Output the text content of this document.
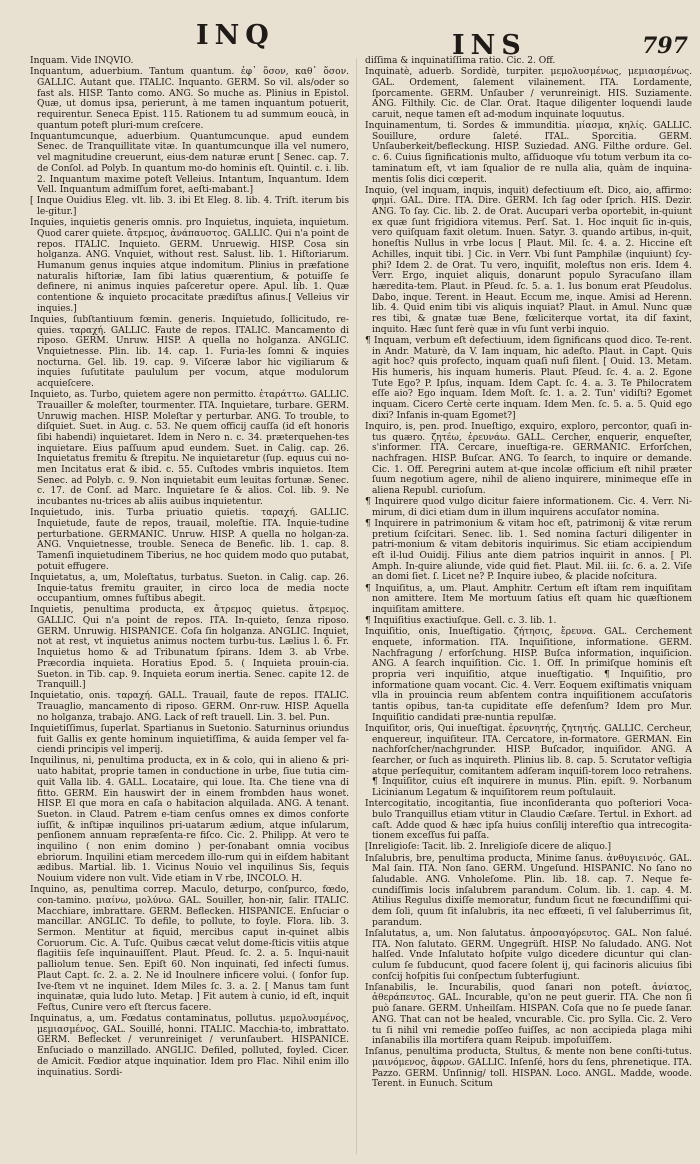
INQ	INS	797

Inquam. Vide INQVIO.

Inquantum, aduerbium. Tantum quantum. ἐφ᾽ ὅσον, καθ᾽ ὅσον. GALLIC. Autant que. ITALIC. Inquanto. GERM. So vil. als/oder so fast als. HISP. Tanto como. ANG. So muche as. Plinius in Epistol. Quæ, ut domus ipsa, perierunt, à me tamen inquantum potuerit, requirentur. Seneca Epist. 115. Rationem tu ad summum eoucà, in quantum poteft pluri-mum creſcere.

Inquantumcunque, aduerbium. Quantumcunque. apud eundem Senec. de Tranquillitate vitæ. In quantumcunque illa vel numero, vel magnitudine creuerunt, eius-dem naturæ erunt [ Senec. cap. 7. de Conſol. ad Polyb. In quantum mo-do hominis eſt. Quintil. c. i. lib. 2. Inquantum maxime poteſt Velleius. Intantum, Inquantum. Idem Vell. Inquantum admiſſum foret, aeſti-mabant.]

[ Inque Ouidius Eleg. vlt. lib. 3. ibi Et Eleg. 8. lib. 4. Triſt. iterum bis le-gitur.]

Inquies, inquietis generis omnis. pro Inquietus, inquieta, inquietum. Quod carer quiete. ἄτρεμος, ἀνάπαυστος. GALLIC. Qui n'a point de repos. ITALIC. Inquieto. GERM. Unruewig. HISP. Cosa sin holganza. ANG. Vnquiet, without rest. Salust. lib. 1. Hiſtoriarum. Humanum genus inquies atque indomitum. Plinius in præfatione naturalis hiſtoriæ, Iam ſibi latius quærentium, & potuiſſe ſe definere, ni animus inquies paſceretur opere. Apul. lib. 1. Quæ contentione & inquieto procacitate prædiſtus aſinus.[ Velleius vir inquies.]

Inquies, ſubſtantiuum fœmin. generis. Inquietudo, ſollicitudo, re-quies. ταραχή. GALLIC. Faute de repos. ITALIC. Mancamento di riposo. GERM. Unruw. HISP. A quella no holganza. ANGLIC. Vnquietnesse. Plin. lib. 14. cap. 1. Furia-les ſomni & inquies nocturna. Gel. lib. 19. cap. 9. Viſceræ labor hic vigiliarum & inquies ſuſutitate paululum per vocum, atque modulorum acquieſcere.

Inquieto, as. Turbo, quietem agere non permitto. ἐταράττω. GALLIC. Trauailler & moleſter, tourmenter. ITA. Inquietare, turbare. GERM. Unruwig machen. HISP. Moleſtar y perturbar. ANG. To trouble, to diſquiet. Suet. in Aug. c. 53. Ne quem officij cauſſa (id eſt honoris ſibi habendi) inquietaret. Idem in Nero n. c. 34. præterquehen-tes inquietare. Eius paſſuum apud eundem. Suet. in Calig. cap. 26. Inquietatus fremitu & ſtrepitu. Ne inquietaretur (ſup. equus cui no-men Incitatus erat & ibid. c. 55. Cuſtodes vmbris inquietos. Item Senec. ad Polyb. c. 9. Non inquietabit eum leuitas fortunæ. Senec. c. 17. de Conſ. ad Marc. Inquietare ſe & alios. Col. lib. 9. Ne incubantes nu-trices ab aliis auibus inquietentur.

Inquietudo, inis. Turba priuatio quietis. ταραχή. GALLIC. Inquietude, faute de repos, trauail, moleſtie. ITA. Inquie-tudine perturbatione. GERMANIC. Unruw. HISP. A quella no holgan-za. ANG. Vnquietnesse, trouble. Seneca de Benefic. lib. 1. cap. 8. Tamenſi inquietudinem Tiberius, ne hoc quidem modo quo putabat, potuit effugere.

Inquietatus, a, um, Moleſtatus, turbatus. Sueton. in Calig. cap. 26. Inquie-tatus fremitu grauiter, in circo loca de media nocte occupantium, omnes fuſtibus abegit.

Inquietis, penultima producta, ex ἄτρεμος quietus. ἄτρεμος. GALLIC. Qui n'a point de repos. ITA. In-quieto, ſenza riposo. GERM. Unruwig. HISPANICE. Coſa ſin holganza. ANGLIC. Inquiet, not at rest, vt inquietus animus noctem turbu-tus. Lælius l. 6. Fr. Inquietus homo & ad Tribunatum ſpirans. Idem 3. ab Vrbe. Præcordia inquieta. Horatius Epod. 5. ( Inquieta prouin-cia. Sueton. in Tib. cap. 9. Inquieta eorum inertia. Senec. capite 12. de Tranquill.]

Inquietatio, onis. ταραχή. GALL. Trauail, faute de repos. ITALIC. Trauaglio, mancamento di riposo. GERM. Onr-ruw. HISP. Aquella no holganza, trabajo. ANG. Lack of reſt trauell. Lin. 3. bel. Pun.

Inquietiſſimus, ſuperlat. Spartianus in Suetonio. Saturninus oriundus fuit Gallis ex gente hominum inquietiſſima, & auida ſemper vel fa-ciendi principis vel imperij.

Inquilinus, ni, penultima producta, ex in & colo, qui in alieno & pri-uato habitat, proprie tamen in conductione in urbe, ſiue tutia cim-quit Valla lib. 4. GALL. Locataire, qui loue. Ita. Che tiene vna di fitto. GERM. Ein hauswirt der in einem frombden haus wonet. HISP. El que mora en caſa o habitacion alquilada. ANG. A tenant. Sueton. in Claud. Patrem e-tiam cenſus omnes ex dimos conforte iuſſit, & inſtipæ inquilinos pri-uatarum ædium, atque inſularum, penſionem annuam repræſenta-re fiſco. Cic. 2. Philipp. At vero te inquilino ( non enim domino ) per-ſonabant omnia vocibus ebriorum. Inquilini etiam mercedem illo-rum qui in eiſdem habitant ædibus. Martial. lib. 1. Vicinus Nouio vel inquilinus Sis, ſequis Nouium videre non vult. Vide etiam in V rbe, INCOLO. H.

Inquino, as, penultima correp. Maculo, deturpo, conſpurco, fœdo, con-tamino. μιαίνω, μολύνω. GAL. Souiller, hon-nir, ſalir. ITALIC. Macchiare, imbrattare. GERM. Beflecken. HISPANICE. Enſuciar o mancillar. ANGLIC. To defile, to pollute, to foyle. Flora. lib. 3. Sermon. Mentitur at fiquid, mercibus caput in-quinet albis Coruorum. Cic. A. Tuſc. Quibus cæcat velut dome-ſticis vitiis atque flagitiis ſeſe inquinauiſſent. Plaut. Pſeud. ſc. 2. a. 5. Inqui-nauit palliolum tenue. Sen. Epiſt 60. Non inquinati, ſed infecti ſumus. Plaut Capt. ſc. 2. a. 2. Ne id Inoulnere inficere volui. ( ſonfor ſup. Ive-ſtem vt ne inquinet. Idem Miles ſc. 3. a. 2. [ Manus tam ſunt inquinatæ, quia ludo luto. Metap. ] Fit autem à cunio, id eſt, inquit Feſtus, Cunire vero eſt ſtercus facere.

Inquinatus, a, um. Fœdatus contaminatus, pollutus. μεμολυσμένος, μεμιασμένος. GAL. Souillé, honni. ITALIC. Macchia-to, imbrattato. GERM. Beflecket / verunreiniget / verunſaubert. HISPANICE. Enſuciado o manzillado. ANGLIC. Defiled, polluted, foyled. Cicer. de Amicit. Fœdior atque inquinatior. Idem pro Flac. Nihil enim illo inquinatius. Sordi-

diſſima & inquinatiſſima ratio. Cic. 2. Off.

Inquinatè, aduerb. Sordidè, turpiter. μεμολυσμένως, μεμιασμένως. GAL. Ordement, ſalement vilainement. ITA. Lordamente, ſporcamente. GERM. Unſauber / verunreinigt. HIS. Suziamente. ANG. Filthily. Cic. de Clar. Orat. Itaque diligenter loquendi laude caruit, neque tamen eſt ad-modum inquinate loquutus.

Inquinamentum, ti. Sordes & immunditia. μίασμα, κηλίς. GALLIC. Souillure, ordure ſaleté. ITAL. Sporcitia. GERM. Unſauberkeit/befleckung. HISP. Suziedad. ANG. Filthe ordure. Gel. c. 6. Cuius ſignificationis multo, aſſiduoque vſu totum verbum ita co-taminatum eſt, vt iam ſqualior de re nulla alia, quàm de inquina-mentis ſolis dici cœperit.

Inquio, (vel inquam, inquis, inquit) defectiuum eſt. Dico, aio, affirmo: φημί. GAL. Dire. ITA. Dire. GERM. Ich ſag oder ſprich. HIS. Dezir. ANG. To ſay. Cic. lib. 2. de Orat. Aucupari verba oportebit, in-quiunt ex quæ ſunt frigidiora vitemus. Perſ. Sat. 1. Hoc inquit ſic in-quis, vero quiſquam faxit oletum. Inuen. Satyr. 3. quando artibus, in-quit, honeſtis Nullus in vrbe locus [ Plaut. Mil. ſc. 4. a. 2. Hiccine eſt Achilles, inquit tibi. ] Cic. in Verr. Vbi ſunt Pamphilæ (inquiunt) ſcy-phi? Idem 2. de Orat. Tu vero, inquiſit, moleſtus non eris. Idem 4. Verr. Ergo, inquiet aliquis, donarunt populo Syracuſano illam hæredita-tem. Plaut. in Pſeud. ſc. 5. a. 1. Ius bonum erat Pſeudolus. Dabo, inque. Terent. in Heaut. Eccum me, inque. Amisi ad Herenn. lib. 4. Quid enim tibi vis aliquis inquiat? Plaut. in Amul. Nunc quæ res tibi, & gnatæ tuæ Bene, fœliciterque vortat, ita diſ faxint, inquito. Hæc ſunt ferè quæ in vſu ſunt verbi inquio.

¶ Inquam, verbum eſt defectiuum, idem ſignificans quod dico. Te-rent. in Andr. Maturè, da V. Iam inquam, hic adeſto. Plaut. in Capt. Quis agit hoc? quis profecto, inquam quaſi nuſi ſilent. [ Ouid. 13. Metam. His humeris, his inquam humeris. Plaut. Pſeud. ſc. 4. a. 2. Egone Tute Ego? P. Ipſus, inquam. Idem Capt. ſc. 4. a. 3. Te Philocratem eſſe aio? Ego inquam. Idem Moſt. ſc. 1. a. 2. Tun' vidiſti? Egomet inquam. Cicero Certè certe inquam. Idem Men. ſc. 5. a. 5. Quid ego dixi? Infanis in-quam Egomet?]

Inquiro, is, pen. prod. Inueſtigo, exquiro, exploro, percontor, quaſi in-tus quæro. ζητέω, ἐρευνάω. GALL. Cercher, enquerir, enqueſter, s'informer. ITA. Cercare, inueſtiga-re. GERMANIC. Erforſchen, nachfragen. HISP. Buſcar. ANG. To ſearch, to inquire or demande. Cic. 1. Off. Peregrini autem at-que incolæ officium eſt nihil præter ſuum negotium agere, nihil de alieno inquirere, minimeque eſſe in aliena Republ. curioſum.

¶ Inquirere quod vulgo dicitur faiere informationem. Cic. 4. Verr. Ni-mirum, di dici etiam dum in illum inquirens accuſator nomina.

¶ Inquirere in patrimonium & vitam hoc eſt, patrimonij & vitæ rerum pretium ſciſcitari. Senec. lib. 1. Sed nomina ſacturi diligenter in patri-monium & vitam debitoris inquirimus. Sic etiam accipiendum eſt il-lud Ouidij. Filius ante diem patrios inquirit in annos. [ Pl. Amph. In-quire aliunde, vide quid fiet. Plaut. Mil. iii. ſc. 6. a. 2. Viſe an domi ſiet. ſ. Licet ne? P. Inquire iubeo, & placide noſcitura.

¶ Inquiſitus, a, um. Plaut. Amphitr. Certum eſt iſtam rem inquiſitam non amittere. Item Me mortuum ſatius eſt quam hic quæſtionem inquiſitam amittere.

¶ Inquiſitius exactiuſque. Gell. c. 3. lib. 1.

Inquiſitio, onis, Inueſtigatio. ζήτησις, ἔρευνα. GAL. Cerchement enquete, information. ITA. Inquiſitione, informatione. GERM. Nachfragung / erforſchung. HISP. Buſca information, inquiſicion. ANG. A ſearch inquiſition. Cic. 1. Off. In primiſque hominis eſt propria veri inquiſitio, atque inueſtigatio. ¶ Inquiſitio, pro informatione quam vocant. Cic. 4. Verr. Eoquem exiſtimatis vniquam vlla in prouincia reum abſentem contra inquiſitionem accuſatoris tantis opibus, tan-ta cupiditate eſſe defenſum? Idem pro Mur. Inquiſitio candidati præ-nuntia repulſæ.

Inquiſitor, oris, Qui inueſtigat. ἐρευνητής, ζητητής. GALLIC. Cercheur, enquereur, inquiſiteur. ITA. Cercatore, in-formatore. GERMAN. Ein nachforſcher/nachgrunder. HISP. Buſcador, inquiſidor. ANG. A ſearcher, or ſuch as inquireth. Plinius lib. 8. cap. 5. Scrutator veſtigia atque perſequitur, comitantem adſeram inquiſi-torem loco retrahens. ¶ Inquiſitor, cuius eſt inquirere in munus. Plin. epiſt. 9. Norbanum Licinianum Legatum & inquiſitorem reum poſtulauit.

Intercogitatio, incogitantia, ſiue inconſideranta quo poſteriori Voca-bulo Tranquillus etiam vtitur in Claudio Cæſare. Tertul. in Exhort. ad caſt. Adde quod & hæc ipſa huius conſilij intereſtio qua intrecogita-tionem exceſſus fui paſſa.

[Inreligioſe: Tacit. lib. 2. Inreligioſe dicere de aliquo.]

Inſalubris, bre, penultima producta, Minime ſanus. ἀνθυγιεινός. GAL. Mal ſain. ITA. Non ſano. GERM. Ungeſund. HISPANIC. No ſano no ſaludable. ANG. Vnholeſome. Plin. lib. 18. cap. 7. Neque fe-cundiſſimis locis inſalubrem parandum. Colum. lib. 1. cap. 4. M. Atilius Regulus dixiſſe memoratur, fundum ſicut ne fœcundiſſimi qui-dem ſoli, quum ſit inſalubris, ita nec effœeti, ſi vel ſaluberrimus ſit, parandum.

Inſalutatus, a, um. Non ſalutatus. ἀπροσαγόρευτος. GAL. Non ſalué. ITA. Non ſalutato. GERM. Ungegrüſt. HISP. No ſaludado. ANG. Not halſed. Vnde Inſalutato hoſpite vulgo dicedere dicuntur qui clan-culum ſe ſubducunt, quod facere ſolent ij, qui facinoris alicuius ſibi conſcij hoſpitis ſui conſpectum ſubterfugiunt.

Inſanabilis, le. Incurabilis, quod ſanari non poteſt. ἀνίατος, ἀθεράπευτος. GAL. Incurable, qu'on ne peut guerir. ITA. Che non ſi può ſanare. GERM. Unheilſam. HISPAN. Coſa que no ſe puede ſanar. ANG. That can not be healed, vncurable. Cic. pro Sylla. Cic. 2. Vero tu ſi nihil vni remedie poſſeo fuiſſes, ac non accipieda plaga mihi inſanabilis illa mortifera quam Reipub. impoſuiſſem.

Inſanus, penultima producta, Stultus, & mente non bene conſti-tutus. μαινόμενος, ἄφρων. GALLIC. Inſenſé, hors du ſens, phrenetique. ITA. Pazzo. GERM. Unſinnig/ toll. HISPAN. Loco. ANGL. Madde, woode. Terent. in Eunuch. Scitum
